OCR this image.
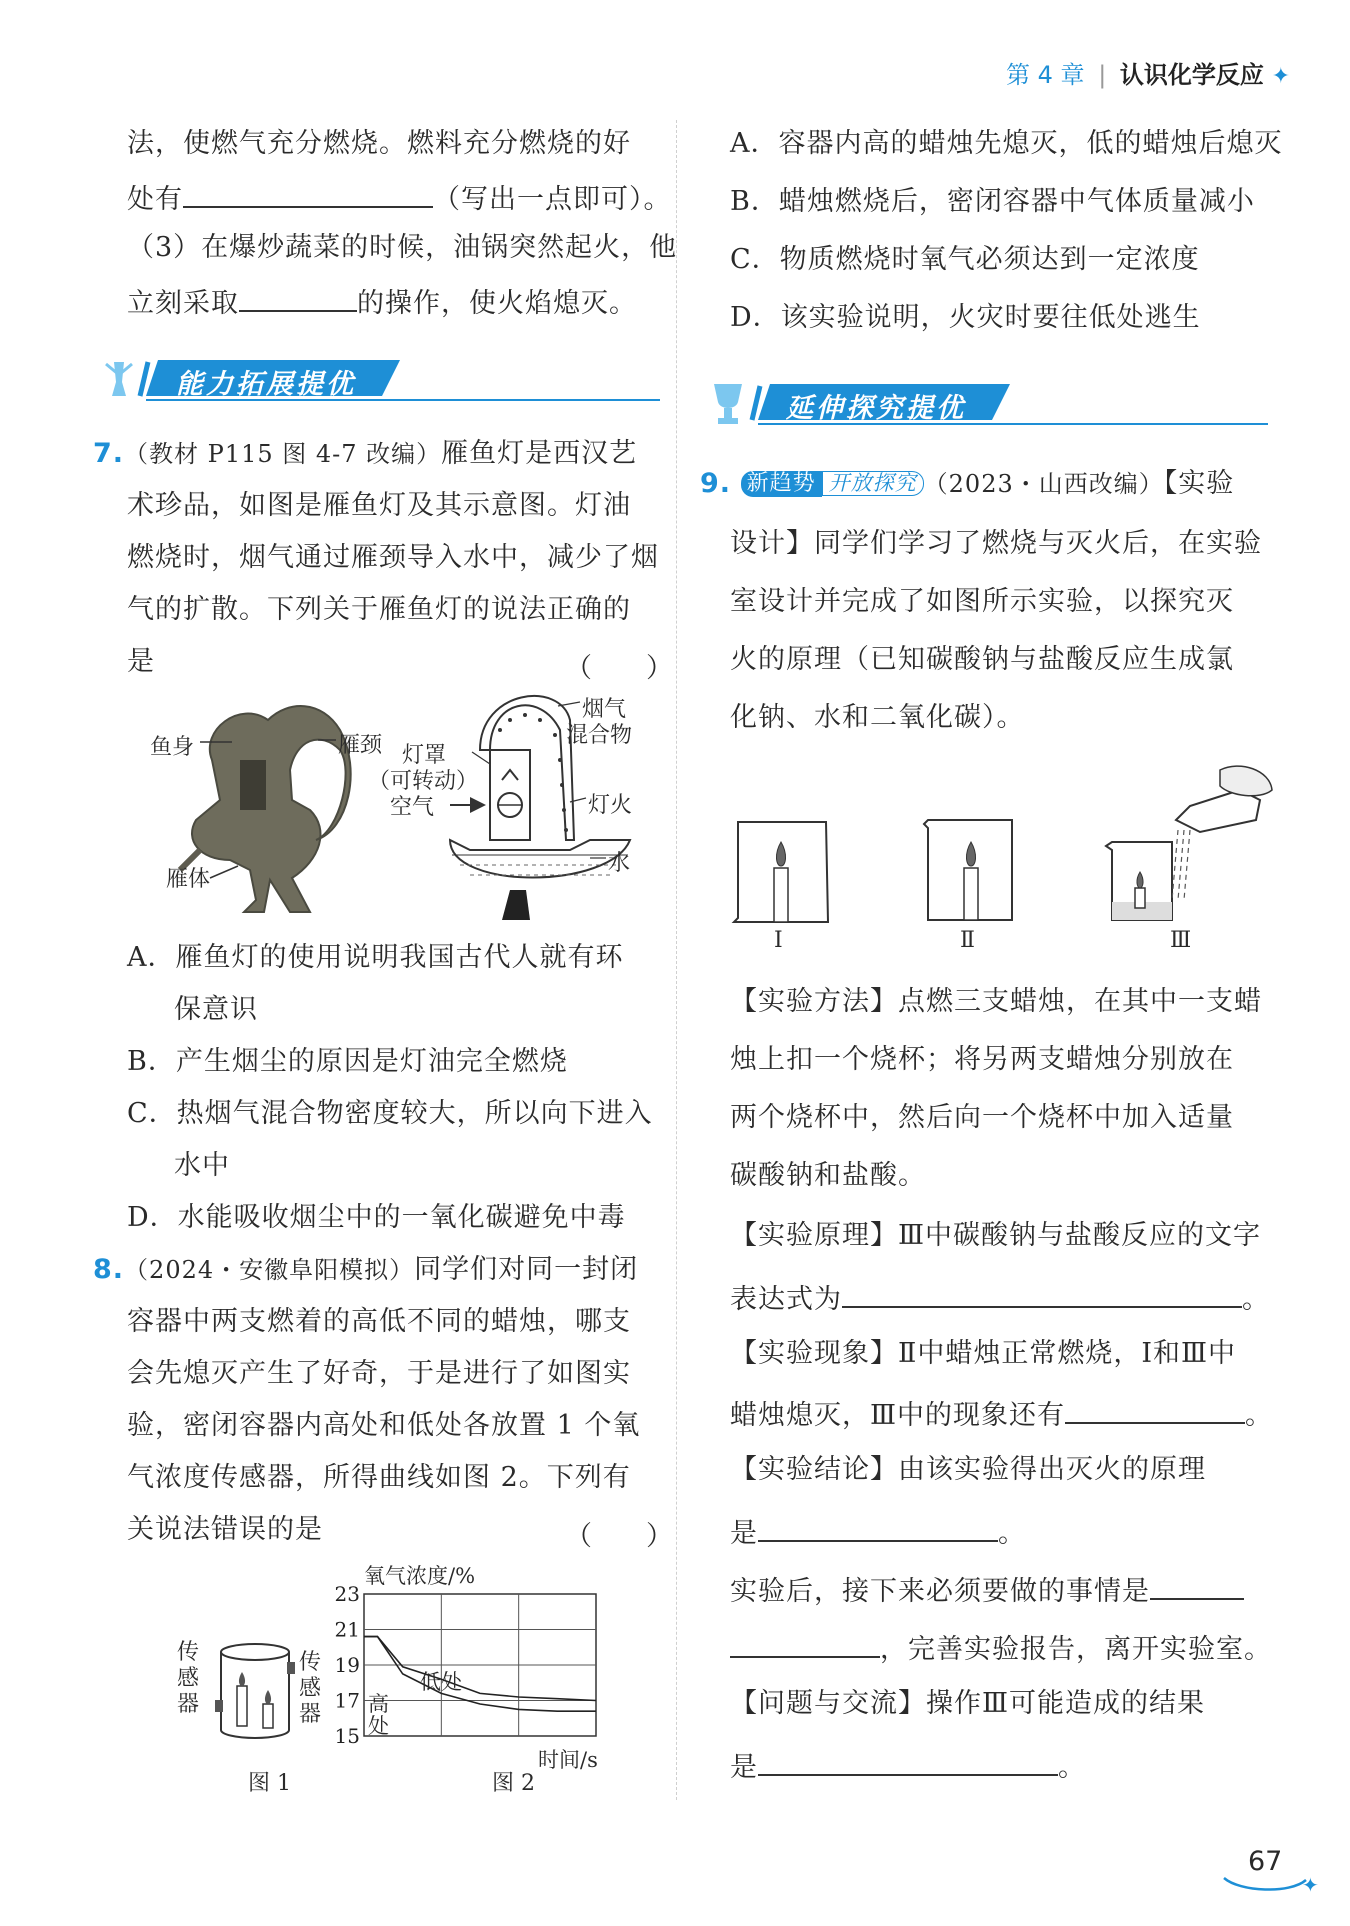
第 4 章 | 认识化学反应 ✦
法，使燃气充分燃烧。燃料充分燃烧的好
处有	（写出一点即可）。
（3）在爆炒蔬菜的时候，油锅突然起火，他
立刻采取	的操作，使火焰熄灭。
能力拓展提优
7.（教材 P115 图 4-7 改编）雁鱼灯是西汉艺
术珍品，如图是雁鱼灯及其示意图。灯油
燃烧时，烟气通过雁颈导入水中，减少了烟
气的扩散。下列关于雁鱼灯的说法正确的
是	（　　）
鱼身	雁颈
雁体
烟气
混合物
灯罩
（可转动）
空气	灯火
水
A．雁鱼灯的使用说明我国古代人就有环
保意识
B．产生烟尘的原因是灯油完全燃烧
C．热烟气混合物密度较大，所以向下进入
水中
D．水能吸收烟尘中的一氧化碳避免中毒
8.（2024・安徽阜阳模拟）同学们对同一封闭
容器中两支燃着的高低不同的蜡烛，哪支
会先熄灭产生了好奇，于是进行了如图实
验，密闭容器内高处和低处各放置 1 个氧
气浓度传感器，所得曲线如图 2。下列有
关说法错误的是	（　　）
传感器
传感器
图 1
15
17
19
21
23
氧气浓度/%
时间/s
低处
高
处
图 2
A．容器内高的蜡烛先熄灭，低的蜡烛后熄灭
B．蜡烛燃烧后，密闭容器中气体质量减小
C．物质燃烧时氧气必须达到一定浓度
D．该实验说明，火灾时要往低处逃生
延伸探究提优
9. 新趋势 开放探究 （2023・山西改编）【实验
设计】同学们学习了燃烧与灭火后，在实验
室设计并完成了如图所示实验，以探究灭
火的原理（已知碳酸钠与盐酸反应生成氯
化钠、水和二氧化碳）。
Ⅰ	Ⅱ	Ⅲ
【实验方法】点燃三支蜡烛，在其中一支蜡
烛上扣一个烧杯；将另两支蜡烛分别放在
两个烧杯中，然后向一个烧杯中加入适量
碳酸钠和盐酸。
【实验原理】Ⅲ中碳酸钠与盐酸反应的文字
表达式为	。
【实验现象】Ⅱ中蜡烛正常燃烧，Ⅰ和Ⅲ中
蜡烛熄灭，Ⅲ中的现象还有	。
【实验结论】由该实验得出灭火的原理
是	。
实验后，接下来必须要做的事情是
，完善实验报告，离开实验室。
【问题与交流】操作Ⅲ可能造成的结果
是	。
✦
67
